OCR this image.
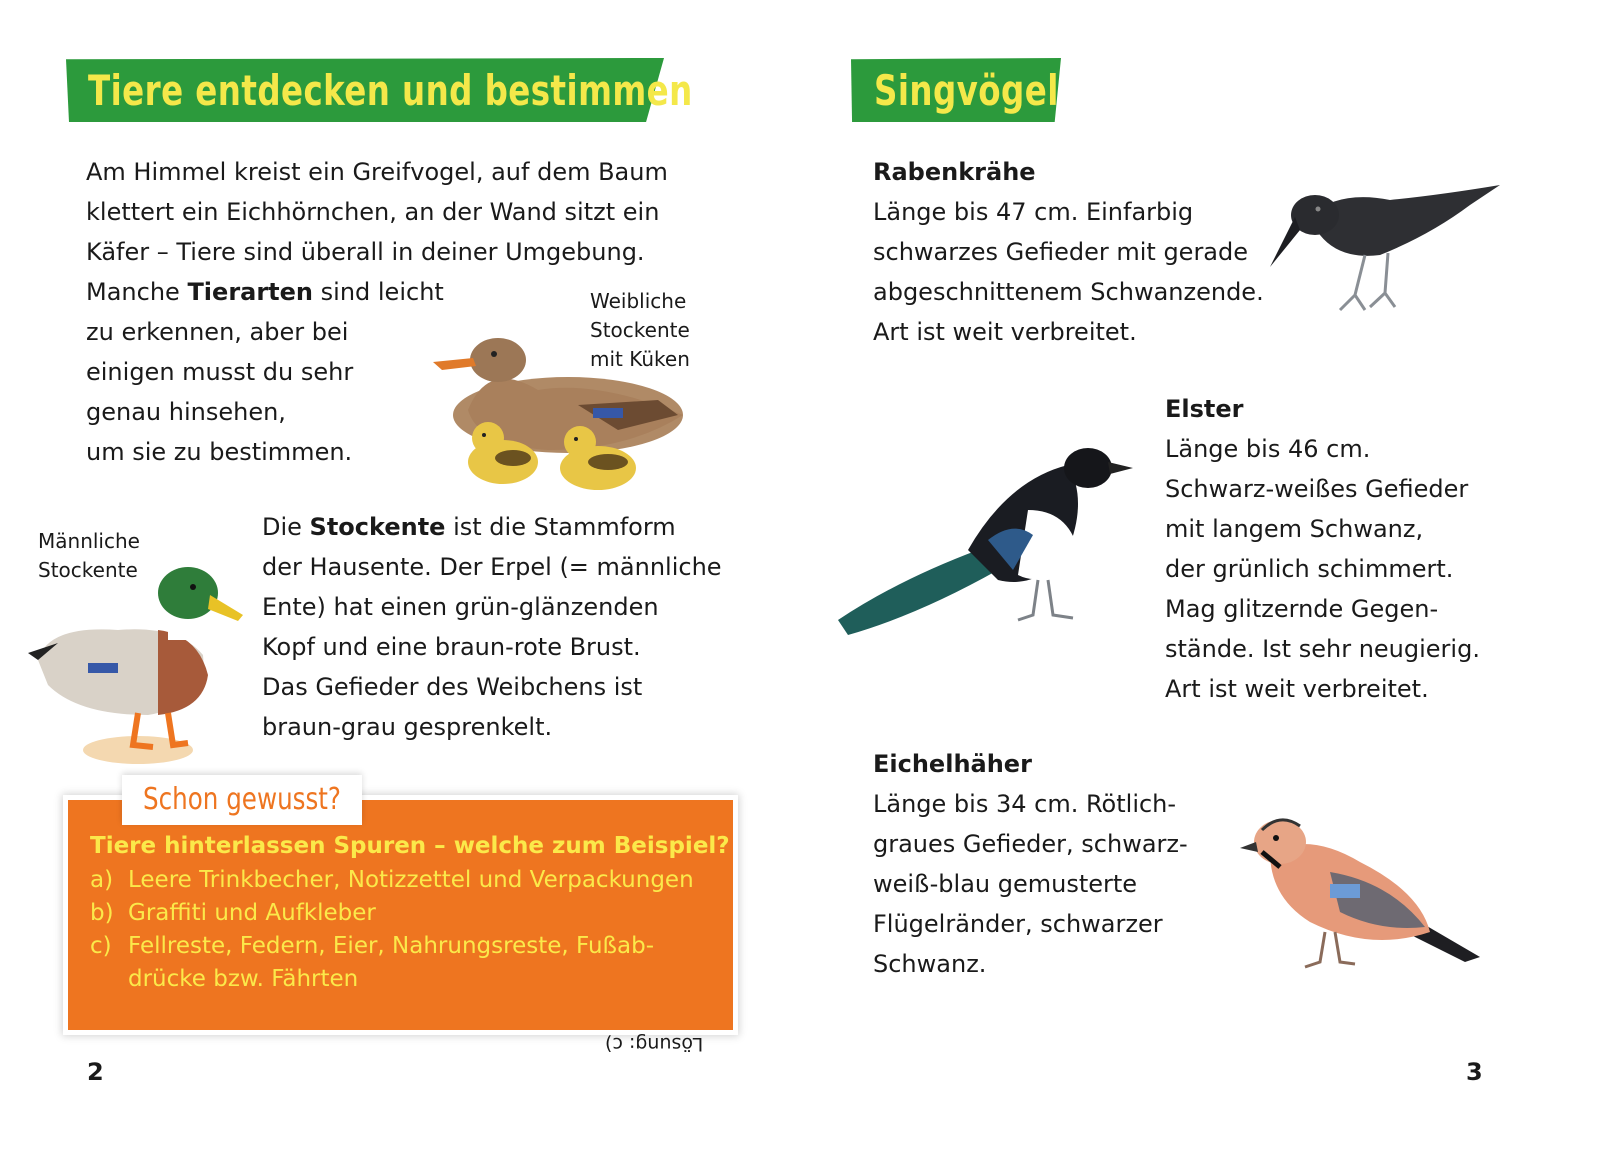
Tiere entdecken und bestimmen
Am Himmel kreist ein Greifvogel, auf dem Baum
klettert ein Eichhörnchen, an der Wand sitzt ein
Käfer – Tiere sind überall in deiner Umgebung.
Manche Tierarten sind leicht
zu erkennen, aber bei
einigen musst du sehr
genau hinsehen,
um sie zu bestimmen.
Weibliche
Stockente
mit Küken
Männliche
Stockente
Die Stockente ist die Stammform
der Hausente. Der Erpel (= männliche
Ente) hat einen grün-glänzenden
Kopf und eine braun-rote Brust.
Das Gefieder des Weibchens ist
braun-grau gesprenkelt.
Schon gewusst?
Tiere hinterlassen Spuren – welche zum Beispiel?
a) Leere Trinkbecher, Notizzettel und Verpackungen
b) Graffiti und Aufkleber
c) Fellreste, Federn, Eier, Nahrungsreste, Fußab-
drücke bzw. Fährten
Lösung: c)
2
Singvögel
Rabenkrähe
Länge bis 47 cm. Einfarbig
schwarzes Gefieder mit gerade
abgeschnittenem Schwanzende.
Art ist weit verbreitet.
Elster
Länge bis 46 cm.
Schwarz-weißes Gefieder
mit langem Schwanz,
der grünlich schimmert.
Mag glitzernde Gegen-
stände. Ist sehr neugierig.
Art ist weit verbreitet.
Eichelhäher
Länge bis 34 cm. Rötlich-
graues Gefieder, schwarz-
weiß-blau gemusterte
Flügelränder, schwarzer
Schwanz.
3
